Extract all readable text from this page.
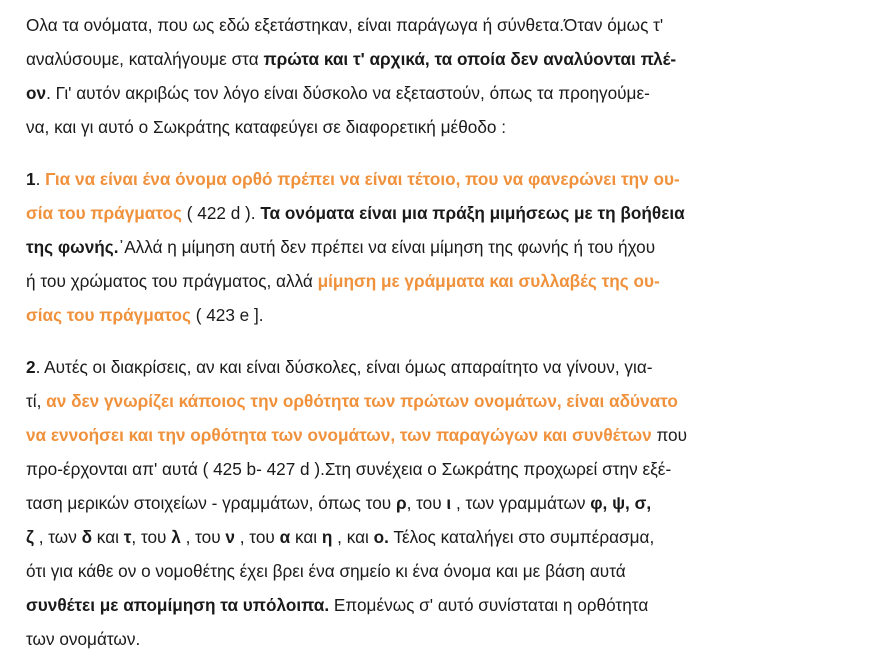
Ολα τα ονόματα, που ως εδώ εξετάστηκαν, είναι παράγωγα ή σύνθετα.Όταν όμως τ'
αναλύσουμε, καταλήγουμε στα πρώτα και τ' αρχικά, τα οποία δεν αναλύονται πλέ-
ον. Γι' αυτόν ακριβώς τον λόγο είναι δύσκολο να εξεταστούν, όπως τα προηγούμε-
να, και γι αυτό ο Σωκράτης καταφεύγει σε διαφορετική μέθοδο :
1. Για να είναι ένα όνομα ορθό πρέπει να είναι τέτοιο, που να φανερώνει την ου-
σία του πράγματος ( 422 d ). Τα ονόματα είναι μια πράξη μιμήσεως με τη βοήθεια
της φωνής.᾿Αλλά η μίμηση αυτή δεν πρέπει να είναι μίμηση της φωνής ή του ήχου
ή του χρώματος του πράγματος, αλλά μίμηση με γράμματα και συλλαβές της ου-
σίας του πράγματος ( 423 e ].
2. Αυτές οι διακρίσεις, αν και είναι δύσκολες, είναι όμως απαραίτητο να γίνουν, για-
τί, αν δεν γνωρίζει κάποιος την ορθότητα των πρώτων ονομάτων, είναι αδύνατο
να εννοήσει και την ορθότητα των ονομάτων, των παραγώγων και συνθέτων που
προ-έρχονται απ' αυτά ( 425 b- 427 d ).Στη συνέχεια ο Σωκράτης προχωρεί στην εξέ-
ταση μερικών στοιχείων - γραμμάτων, όπως του ρ, του ι , των γραμμάτων φ, ψ, σ,
ζ , των δ και τ, του λ , του ν , του α και η , και ο. Τέλος καταλήγει στο συμπέρασμα,
ότι για κάθε ον ο νομοθέτης έχει βρει ένα σημείο κι ένα όνομα και με βάση αυτά
συνθέτει με απομίμηση τα υπόλοιπα. Επομένως σ' αυτό συνίσταται η ορθότητα
των ονομάτων.
